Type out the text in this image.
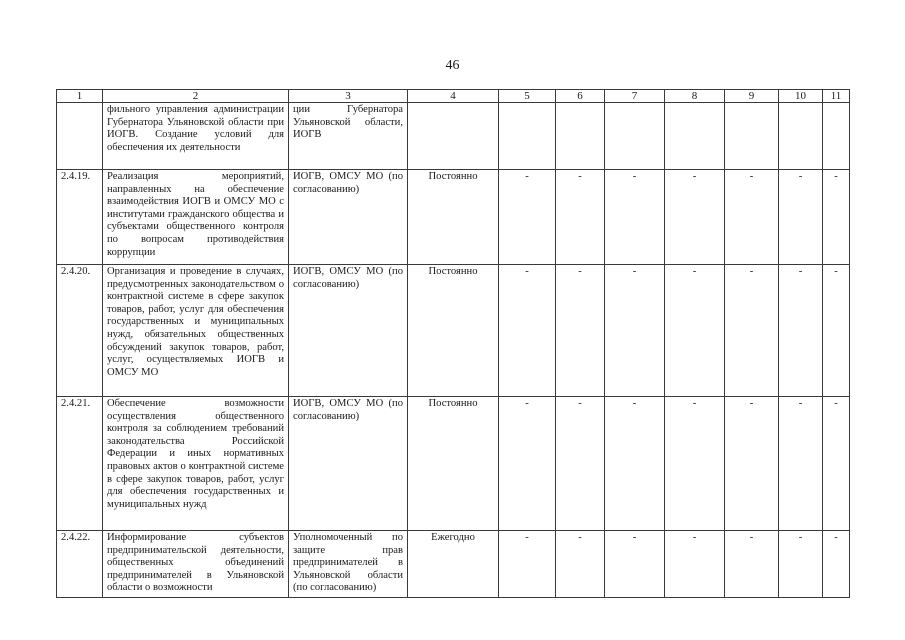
46
1	2	3	4	5	6	7	8	9	10	11
	фильного управления администрации Губернатора Ульяновской области при ИОГВ. Создание условий для обеспечения их деятельности	ции Губернатора Ульяновской области, ИОГВ								
2.4.19.	Реализация мероприятий, направленных на обеспечение взаимодействия ИОГВ и ОМСУ МО с институтами гражданского общества и субъектами общественного контроля по вопросам противодействия коррупции	ИОГВ, ОМСУ МО (по согласованию)	Постоянно	-	-	-	-	-	-	-
2.4.20.	Организация и проведение в случаях, предусмотренных законодательством о контрактной системе в сфере закупок товаров, работ, услуг для обеспечения государственных и муниципальных нужд, обязательных общественных обсуждений закупок товаров, работ, услуг, осуществляемых ИОГВ и ОМСУ МО	ИОГВ, ОМСУ МО (по согласованию)	Постоянно	-	-	-	-	-	-	-
2.4.21.	Обеспечение возможности осуществления общественного контроля за соблюдением требований законодательства Российской Федерации и иных нормативных правовых актов о контрактной системе в сфере закупок товаров, работ, услуг для обеспечения государственных и муниципальных нужд	ИОГВ, ОМСУ МО (по согласованию)	Постоянно	-	-	-	-	-	-	-
2.4.22.	Информирование субъектов предпринимательской деятельности, общественных объединений предпринимателей в Ульяновской области о возможности	Уполномоченный по защите прав предпринимателей в Ульяновской области (по согласованию)	Ежегодно	-	-	-	-	-	-	-
